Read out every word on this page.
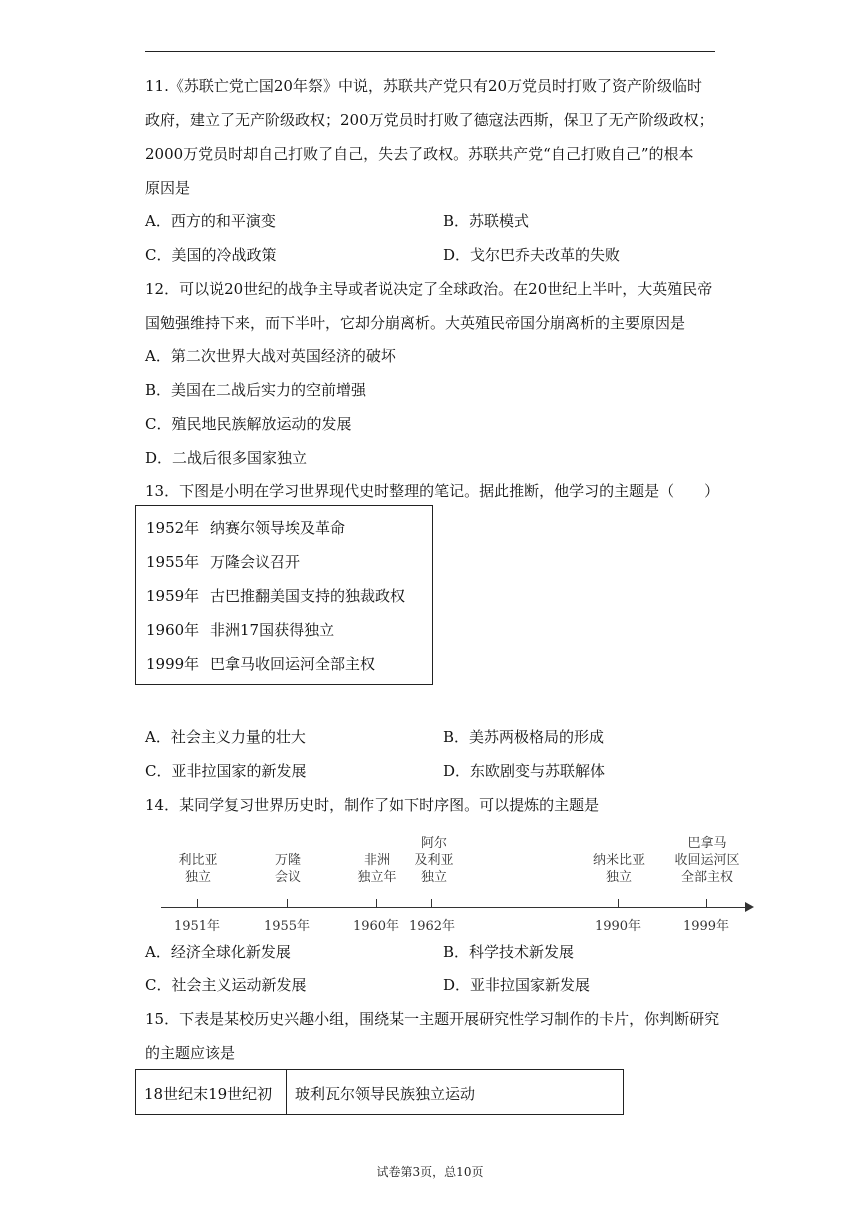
11.《苏联亡党亡国20年祭》中说，苏联共产党只有20万党员时打败了资产阶级临时
政府，建立了无产阶级政权；200万党员时打败了德寇法西斯，保卫了无产阶级政权；
2000万党员时却自己打败了自己，失去了政权。苏联共产党“自己打败自己”的根本
原因是
A．西方的和平演变	B．苏联模式
C．美国的冷战政策	D．戈尔巴乔夫改革的失败
12．可以说20世纪的战争主导或者说决定了全球政治。在20世纪上半叶，大英殖民帝
国勉强维持下来，而下半叶，它却分崩离析。大英殖民帝国分崩离析的主要原因是
A．第二次世界大战对英国经济的破坏
B．美国在二战后实力的空前增强
C．殖民地民族解放运动的发展
D．二战后很多国家独立
13．下图是小明在学习世界现代史时整理的笔记。据此推断，他学习的主题是（　　）
1952年 纳赛尔领导埃及革命
1955年 万隆会议召开
1959年 古巴推翻美国支持的独裁政权
1960年 非洲17国获得独立
1999年 巴拿马收回运河全部主权
A．社会主义力量的壮大	B．美苏两极格局的形成
C．亚非拉国家的新发展	D．东欧剧变与苏联解体
14．某同学复习世界历史时，制作了如下时序图。可以提炼的主题是
利比亚
独立
1951年
万隆
会议
1955年
非洲
独立年
1960年
阿尔
及利亚
独立
1962年
纳米比亚
独立
1990年
巴拿马
收回运河区
全部主权
1999年
A．经济全球化新发展	B．科学技术新发展
C．社会主义运动新发展	D．亚非拉国家新发展
15．下表是某校历史兴趣小组，围绕某一主题开展研究性学习制作的卡片，你判断研究
的主题应该是
18世纪末19世纪初 玻利瓦尔领导民族独立运动
试卷第3页，总10页
